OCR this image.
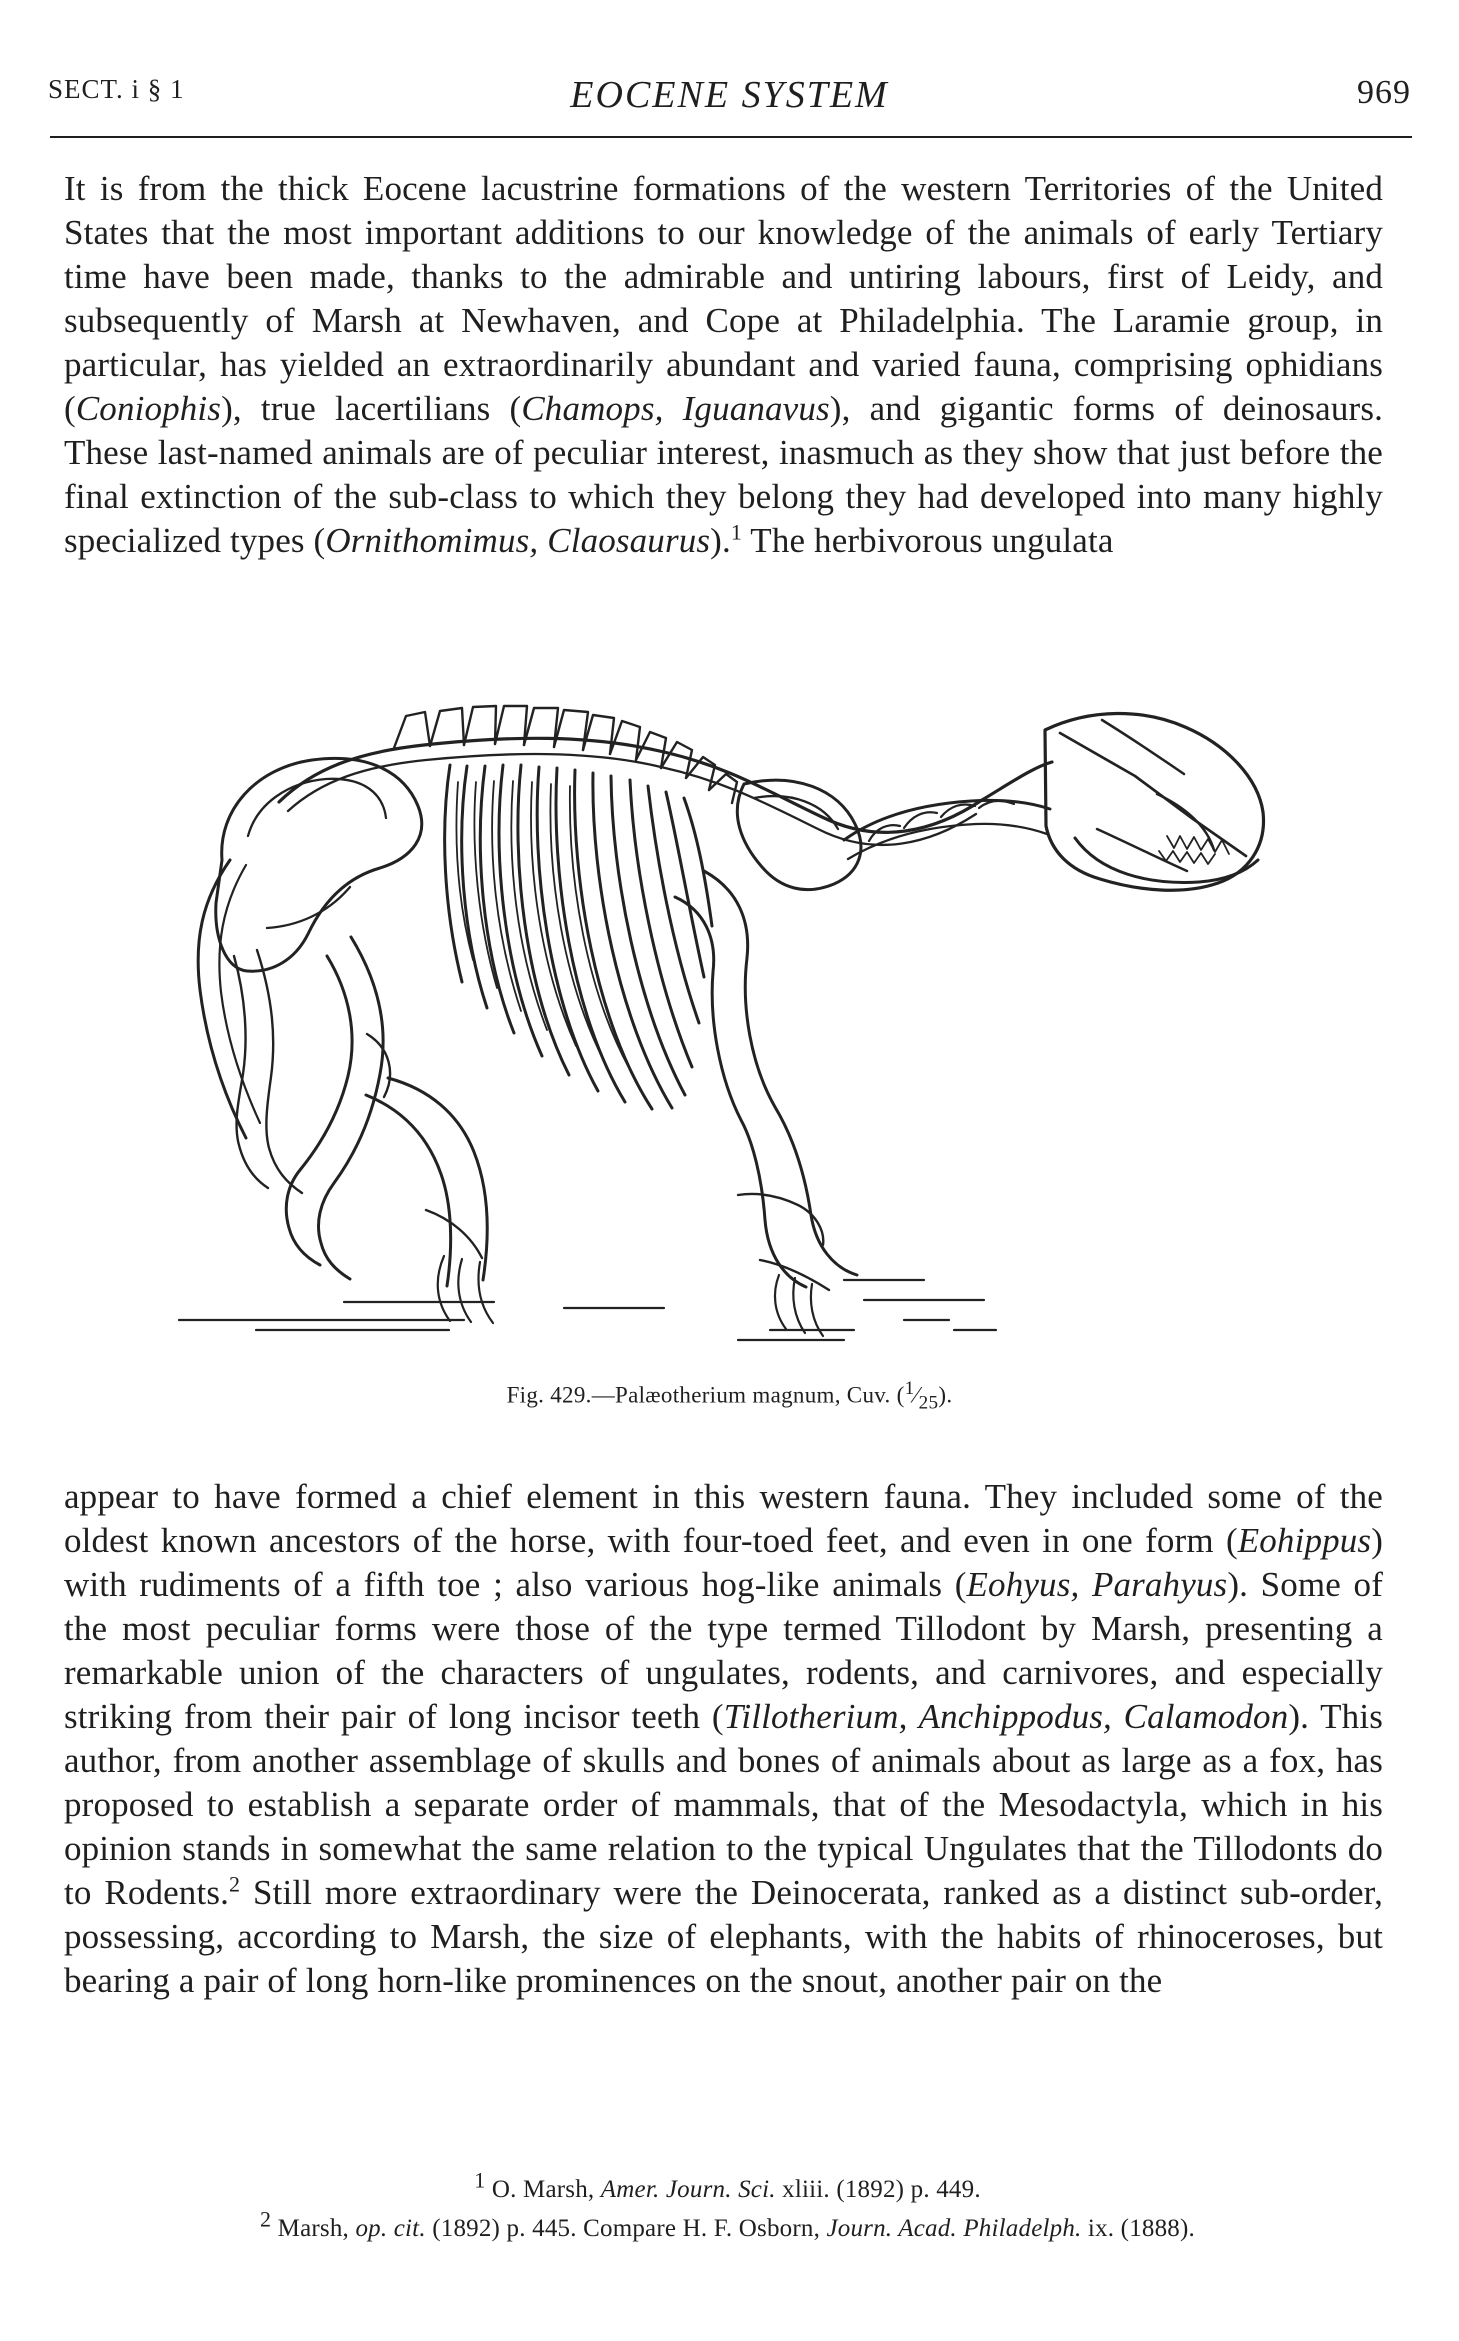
SECT. i § 1	EOCENE SYSTEM	969

It is from the thick Eocene lacustrine formations of the western Territories of the United States that the most important additions to our knowledge of the animals of early Tertiary time have been made, thanks to the admirable and untiring labours, first of Leidy, and subsequently of Marsh at Newhaven, and Cope at Philadelphia. The Laramie group, in particular, has yielded an extraordinarily abundant and varied fauna, comprising ophidians (Coniophis), true lacertilians (Chamops, Iguanavus), and gigantic forms of deinosaurs. These last-named animals are of peculiar interest, inasmuch as they show that just before the final extinction of the sub-class to which they belong they had developed into many highly specialized types (Ornithomimus, Claosaurus).$^1$ The herbivorous ungulata

Fig. 429.—Palæotherium magnum, Cuv. $(^1⁄_{25})$.

appear to have formed a chief element in this western fauna. They included some of the oldest known ancestors of the horse, with four-toed feet, and even in one form (Eohippus) with rudiments of a fifth toe ; also various hog-like animals (Eohyus, Parahyus). Some of the most peculiar forms were those of the type termed Tillodont by Marsh, presenting a remarkable union of the characters of ungulates, rodents, and carnivores, and especially striking from their pair of long incisor teeth (Tillotherium, Anchippodus, Calamodon). This author, from another assemblage of skulls and bones of animals about as large as a fox, has proposed to establish a separate order of mammals, that of the Mesodactyla, which in his opinion stands in somewhat the same relation to the typical Ungulates that the Tillodonts do to Rodents.$^2$ Still more extraordinary were the Deinocerata, ranked as a distinct sub-order, possessing, according to Marsh, the size of elephants, with the habits of rhinoceroses, but bearing a pair of long horn-like prominences on the snout, another pair on the

$^1$ O. Marsh, Amer. Journ. Sci. xliii. (1892) p. 449.
$^2$ Marsh, op. cit. (1892) p. 445. Compare H. F. Osborn, Journ. Acad. Philadelph. ix. (1888).
